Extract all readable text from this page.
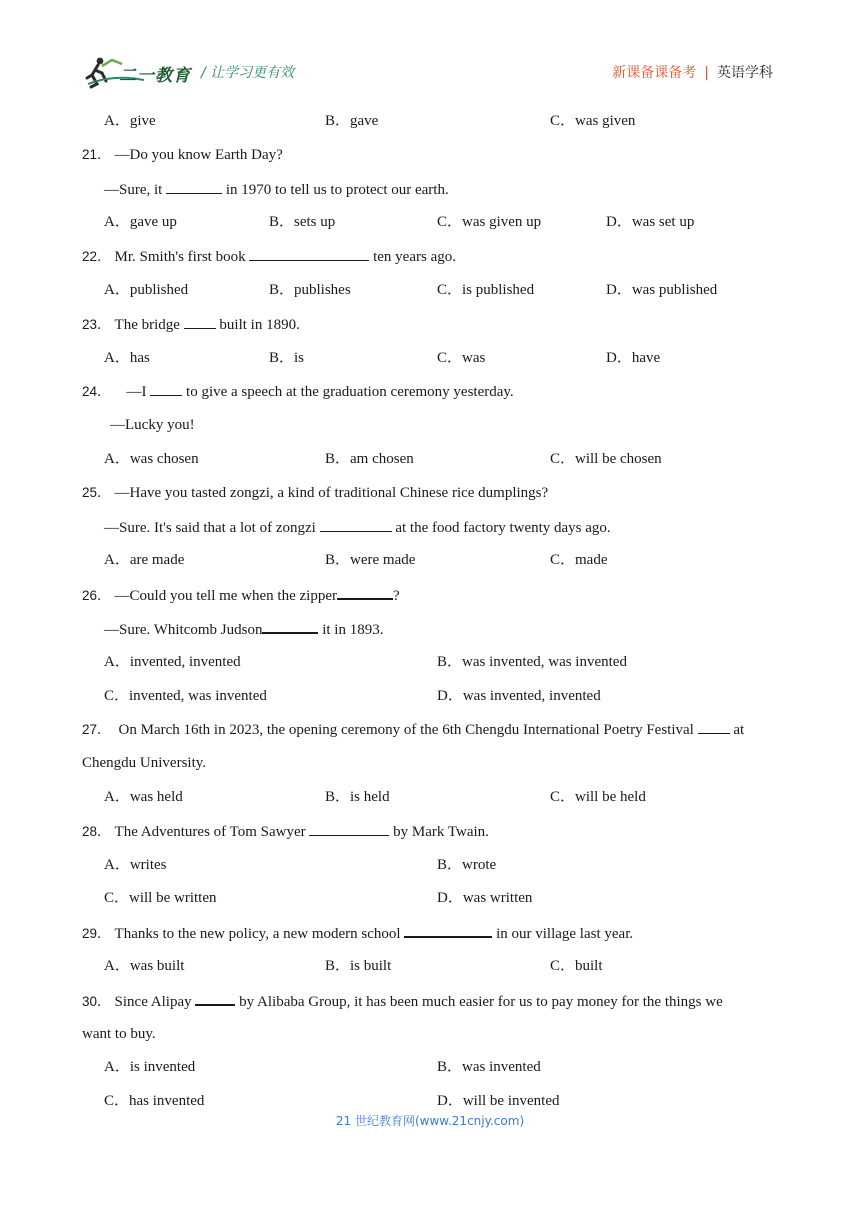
二一教育 / 让学习更有效	新课备课备考 | 英语学科
A．give	B．gave	C．was given
21． —Do you know Earth Day?
—Sure, it	in 1970 to tell us to protect our earth.
A．gave up	B．sets up	C．was given up	D．was set up
22． Mr. Smith's first book	ten years ago.
A．published	B．publishes	C．is published	D．was published
23． The bridge  built in 1890.
A．has	B．is	C．was	D．have
24． —I  to give a speech at the graduation ceremony yesterday.
—Lucky you!
A．was chosen	B．am chosen	C．will be chosen
25． —Have you tasted zongzi, a kind of traditional Chinese rice dumplings?
—Sure. It's said that a lot of zongzi	at the food factory twenty days ago.
A．are made	B．were made	C．made
26． —Could you tell me when the zipper	?
—Sure. Whitcomb Judson	it in 1893.
A．invented, invented	B．was invented, was invented
C．invented, was invented	D．was invented, invented
27． On March 16th in 2023, the opening ceremony of the 6th Chengdu International Poetry Festival  at
Chengdu University.
A．was held	B．is held	C．will be held
28． The Adventures of Tom Sawyer	by Mark Twain.
A．writes	B．wrote
C．will be written	D．was written
29． Thanks to the new policy, a new modern school	in our village last year.
A．was built	B．is built	C．built
30． Since Alipay	by Alibaba Group, it has been much easier for us to pay money for the things we
want to buy.
A．is invented	B．was invented
C．has invented	D．will be invented
21 世纪教育网(www.21cnjy.com)
